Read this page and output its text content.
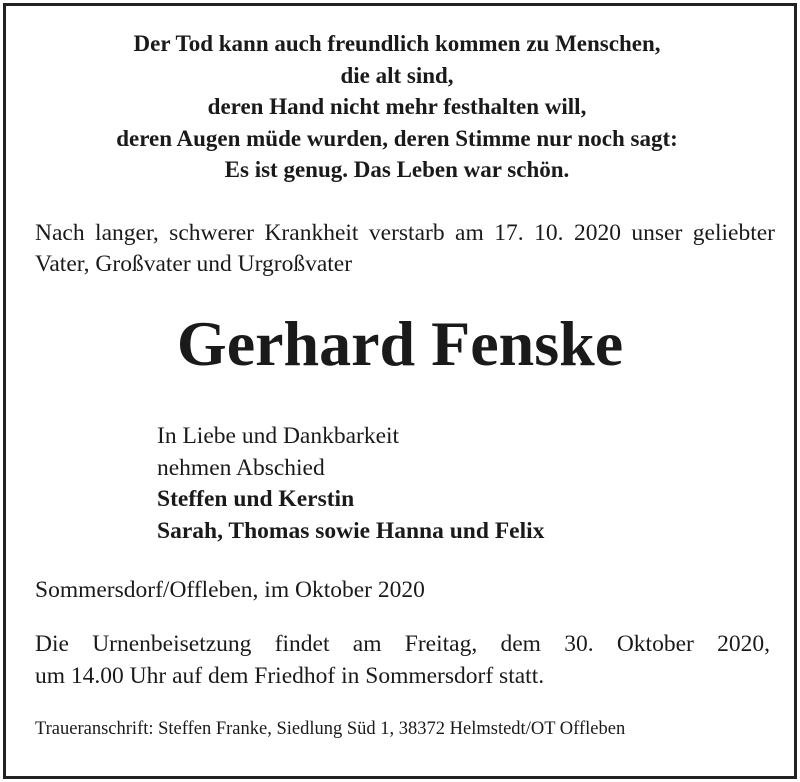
Der Tod kann auch freundlich kommen zu Menschen,
die alt sind,
deren Hand nicht mehr festhalten will,
deren Augen müde wurden, deren Stimme nur noch sagt:
Es ist genug. Das Leben war schön.
Nach langer, schwerer Krankheit verstarb am 17. 10. 2020 unser geliebter Vater, Großvater und Urgroßvater
Gerhard Fenske
In Liebe und Dankbarkeit
nehmen Abschied
Steffen und Kerstin
Sarah, Thomas sowie Hanna und Felix
Sommersdorf/Offleben, im Oktober 2020
Die Urnenbeisetzung findet am Freitag, dem 30. Oktober 2020,
um 14.00 Uhr auf dem Friedhof in Sommersdorf statt.
Traueranschrift: Steffen Franke, Siedlung Süd 1, 38372 Helmstedt/OT Offleben
